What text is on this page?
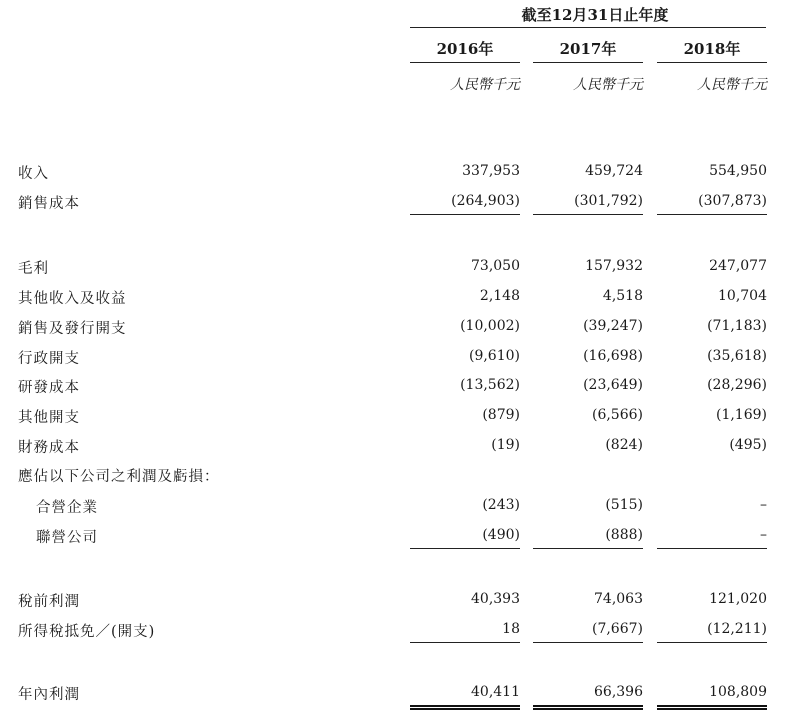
截至12月31日止年度
2016年	2017年	2018年
人民幣千元	人民幣千元	人民幣千元
收入	337,953	459,724	554,950
銷售成本	(264,903)	(301,792)	(307,873)
毛利	73,050	157,932	247,077
其他收入及收益	2,148	4,518	10,704
銷售及發行開支	(10,002)	(39,247)	(71,183)
行政開支	(9,610)	(16,698)	(35,618)
研發成本	(13,562)	(23,649)	(28,296)
其他開支	(879)	(6,566)	(1,169)
財務成本	(19)	(824)	(495)
應佔以下公司之利潤及虧損：
合營企業	(243)	(515)	–
聯營公司	(490)	(888)	–
稅前利潤	40,393	74,063	121,020
所得稅抵免／(開支)	18	(7,667)	(12,211)
年內利潤	40,411	66,396	108,809
